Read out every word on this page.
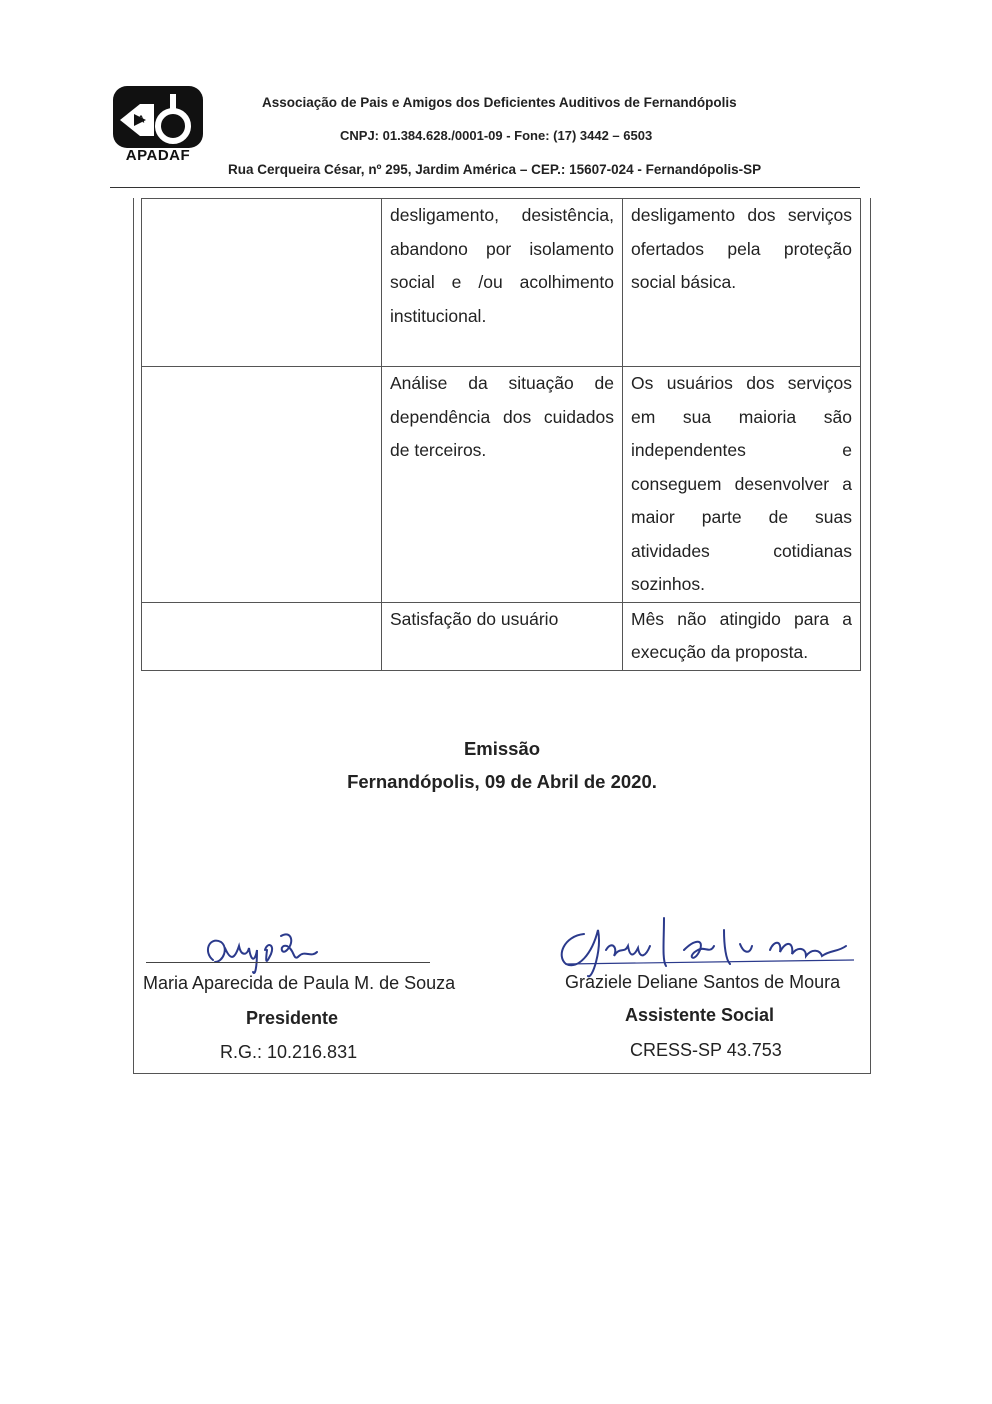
A
APADAF
Associação de Pais e Amigos dos Deficientes Auditivos de Fernandópolis
CNPJ: 01.384.628./0001-09 - Fone: (17) 3442 – 6503
Rua Cerqueira César, nº 295, Jardim América – CEP.: 15607-024 - Fernandópolis-SP
	desligamento, desistência, abandono por isolamento social e /ou acolhimento institucional.	desligamento dos serviços ofertados pela proteção social básica.
	Análise da situação de dependência dos cuidados de terceiros.	Os usuários dos serviços em sua maioria são independentes e conseguem desenvolver a maior parte de suas atividades cotidianas sozinhos.
	Satisfação do usuário	Mês não atingido para a execução da proposta.
Emissão
Fernandópolis, 09 de Abril de 2020.
Maria Aparecida de Paula M. de Souza
Presidente
R.G.: 10.216.831
Graziele Deliane Santos de Moura
Assistente Social
CRESS-SP 43.753
